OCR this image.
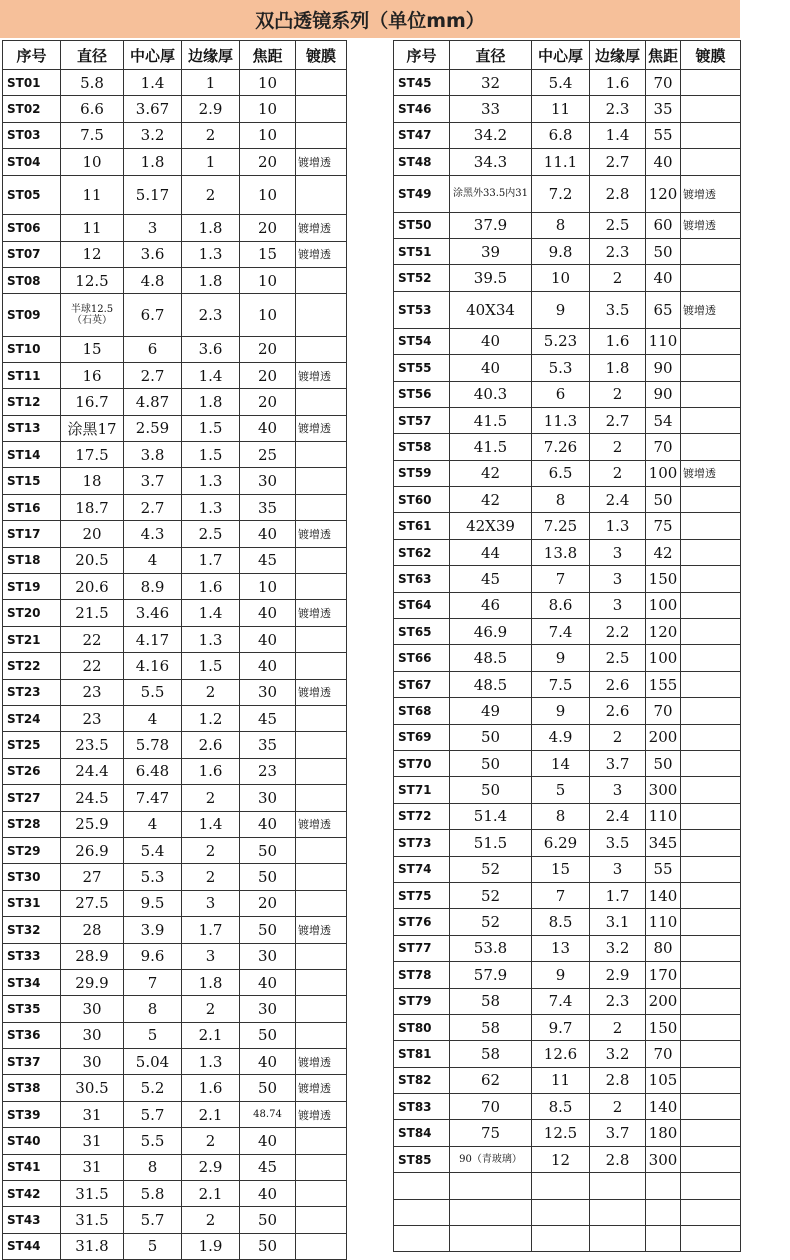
双凸透镜系列（单位mm）
序号	直径	中心厚	边缘厚	焦距	镀膜
ST01	5.8	1.4	1	10	
ST02	6.6	3.67	2.9	10	
ST03	7.5	3.2	2	10	
ST04	10	1.8	1	20	镀增透
ST05	11	5.17	2	10	
ST06	11	3	1.8	20	镀增透
ST07	12	3.6	1.3	15	镀增透
ST08	12.5	4.8	1.8	10	
ST09	半球12.5（石英）	6.7	2.3	10	
ST10	15	6	3.6	20	
ST11	16	2.7	1.4	20	镀增透
ST12	16.7	4.87	1.8	20	
ST13	涂黑17	2.59	1.5	40	镀增透
ST14	17.5	3.8	1.5	25	
ST15	18	3.7	1.3	30	
ST16	18.7	2.7	1.3	35	
ST17	20	4.3	2.5	40	镀增透
ST18	20.5	4	1.7	45	
ST19	20.6	8.9	1.6	10	
ST20	21.5	3.46	1.4	40	镀增透
ST21	22	4.17	1.3	40	
ST22	22	4.16	1.5	40	
ST23	23	5.5	2	30	镀增透
ST24	23	4	1.2	45	
ST25	23.5	5.78	2.6	35	
ST26	24.4	6.48	1.6	23	
ST27	24.5	7.47	2	30	
ST28	25.9	4	1.4	40	镀增透
ST29	26.9	5.4	2	50	
ST30	27	5.3	2	50	
ST31	27.5	9.5	3	20	
ST32	28	3.9	1.7	50	镀增透
ST33	28.9	9.6	3	30	
ST34	29.9	7	1.8	40	
ST35	30	8	2	30	
ST36	30	5	2.1	50	
ST37	30	5.04	1.3	40	镀增透
ST38	30.5	5.2	1.6	50	镀增透
ST39	31	5.7	2.1	48.74	镀增透
ST40	31	5.5	2	40	
ST41	31	8	2.9	45	
ST42	31.5	5.8	2.1	40	
ST43	31.5	5.7	2	50	
ST44	31.8	5	1.9	50	
序号	直径	中心厚	边缘厚	焦距	镀膜
ST45	32	5.4	1.6	70	
ST46	33	11	2.3	35	
ST47	34.2	6.8	1.4	55	
ST48	34.3	11.1	2.7	40	
ST49	涂黑外33.5内31	7.2	2.8	120	镀增透
ST50	37.9	8	2.5	60	镀增透
ST51	39	9.8	2.3	50	
ST52	39.5	10	2	40	
ST53	40X34	9	3.5	65	镀增透
ST54	40	5.23	1.6	110	
ST55	40	5.3	1.8	90	
ST56	40.3	6	2	90	
ST57	41.5	11.3	2.7	54	
ST58	41.5	7.26	2	70	
ST59	42	6.5	2	100	镀增透
ST60	42	8	2.4	50	
ST61	42X39	7.25	1.3	75	
ST62	44	13.8	3	42	
ST63	45	7	3	150	
ST64	46	8.6	3	100	
ST65	46.9	7.4	2.2	120	
ST66	48.5	9	2.5	100	
ST67	48.5	7.5	2.6	155	
ST68	49	9	2.6	70	
ST69	50	4.9	2	200	
ST70	50	14	3.7	50	
ST71	50	5	3	300	
ST72	51.4	8	2.4	110	
ST73	51.5	6.29	3.5	345	
ST74	52	15	3	55	
ST75	52	7	1.7	140	
ST76	52	8.5	3.1	110	
ST77	53.8	13	3.2	80	
ST78	57.9	9	2.9	170	
ST79	58	7.4	2.3	200	
ST80	58	9.7	2	150	
ST81	58	12.6	3.2	70	
ST82	62	11	2.8	105	
ST83	70	8.5	2	140	
ST84	75	12.5	3.7	180	
ST85	90（青玻璃）	12	2.8	300	
